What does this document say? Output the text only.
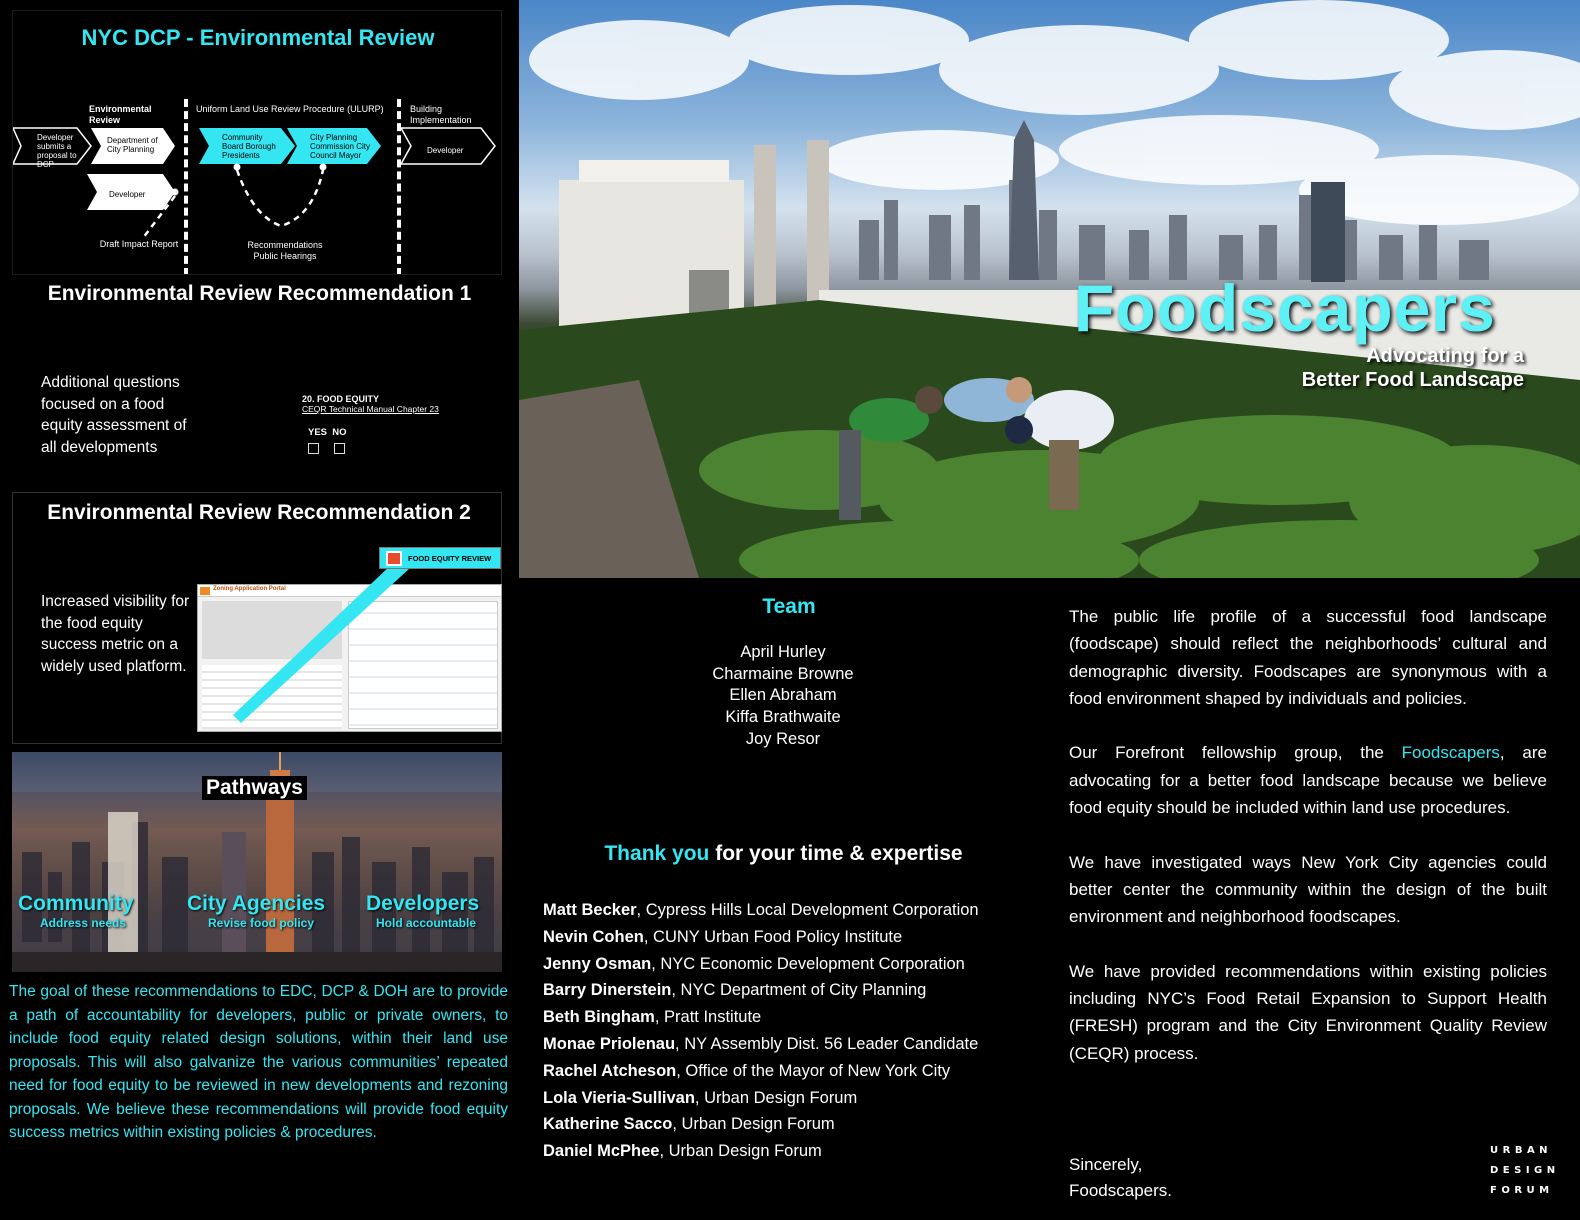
NYC DCP - Environmental Review
Environmental Review
Uniform Land Use Review Procedure (ULURP)	Building Implementation
Developer submits a proposal to DCP
Department of City Planning
Developer
Community Board Borough Presidents
City Planning Commission City Council Mayor
Developer
Draft Impact Report	Recommendations Public Hearings
Environmental Review Recommendation 1
Additional questions focused on a food equity assessment of all developments
20. FOOD EQUITY
CEQR Technical Manual Chapter 23
YES NO
Environmental Review Recommendation 2
Increased visibility for the food equity success metric on a widely used platform.
Zoning Application Portal
FOOD EQUITY REVIEW
Pathways
Community
Address needs
City Agencies
Revise food policy
Developers
Hold accountable
The goal of these recommendations to EDC, DCP & DOH are to provide a path of accountability for developers, public or private owners, to include food equity related design solutions, within their land use proposals. This will also galvanize the various communities’ repeated need for food equity to be reviewed in new developments and rezoning proposals. We believe these recommendations will provide food equity success metrics within existing policies & procedures.
Foodscapers
Advocating for a
Better Food Landscape
Team
April Hurley
Charmaine Browne
Ellen Abraham
Kiffa Brathwaite
Joy Resor
Thank you for your time & expertise
Matt Becker, Cypress Hills Local Development Corporation
Nevin Cohen, CUNY Urban Food Policy Institute
Jenny Osman, NYC Economic Development Corporation
Barry Dinerstein, NYC Department of City Planning
Beth Bingham, Pratt Institute
Monae Priolenau, NY Assembly Dist. 56 Leader Candidate
Rachel Atcheson, Office of the Mayor of New York City
Lola Vieria-Sullivan, Urban Design Forum
Katherine Sacco, Urban Design Forum
Daniel McPhee, Urban Design Forum

The public life profile of a successful food landscape (foodscape) should reflect the neighborhoods’ cultural and demographic diversity. Foodscapes are synonymous with a food environment shaped by individuals and policies.

Our Forefront fellowship group, the Foodscapers, are advocating for a better food landscape because we believe food equity should be included within land use procedures.

We have investigated ways New York City agencies could better center the community within the design of the built environment and neighborhood foodscapes.

We have provided recommendations within existing policies including NYC’s Food Retail Expansion to Support Health (FRESH) program and the City Environment Quality Review (CEQR) process.

Sincerely,
Foodscapers.
URBAN
DESIGN
FORUM
